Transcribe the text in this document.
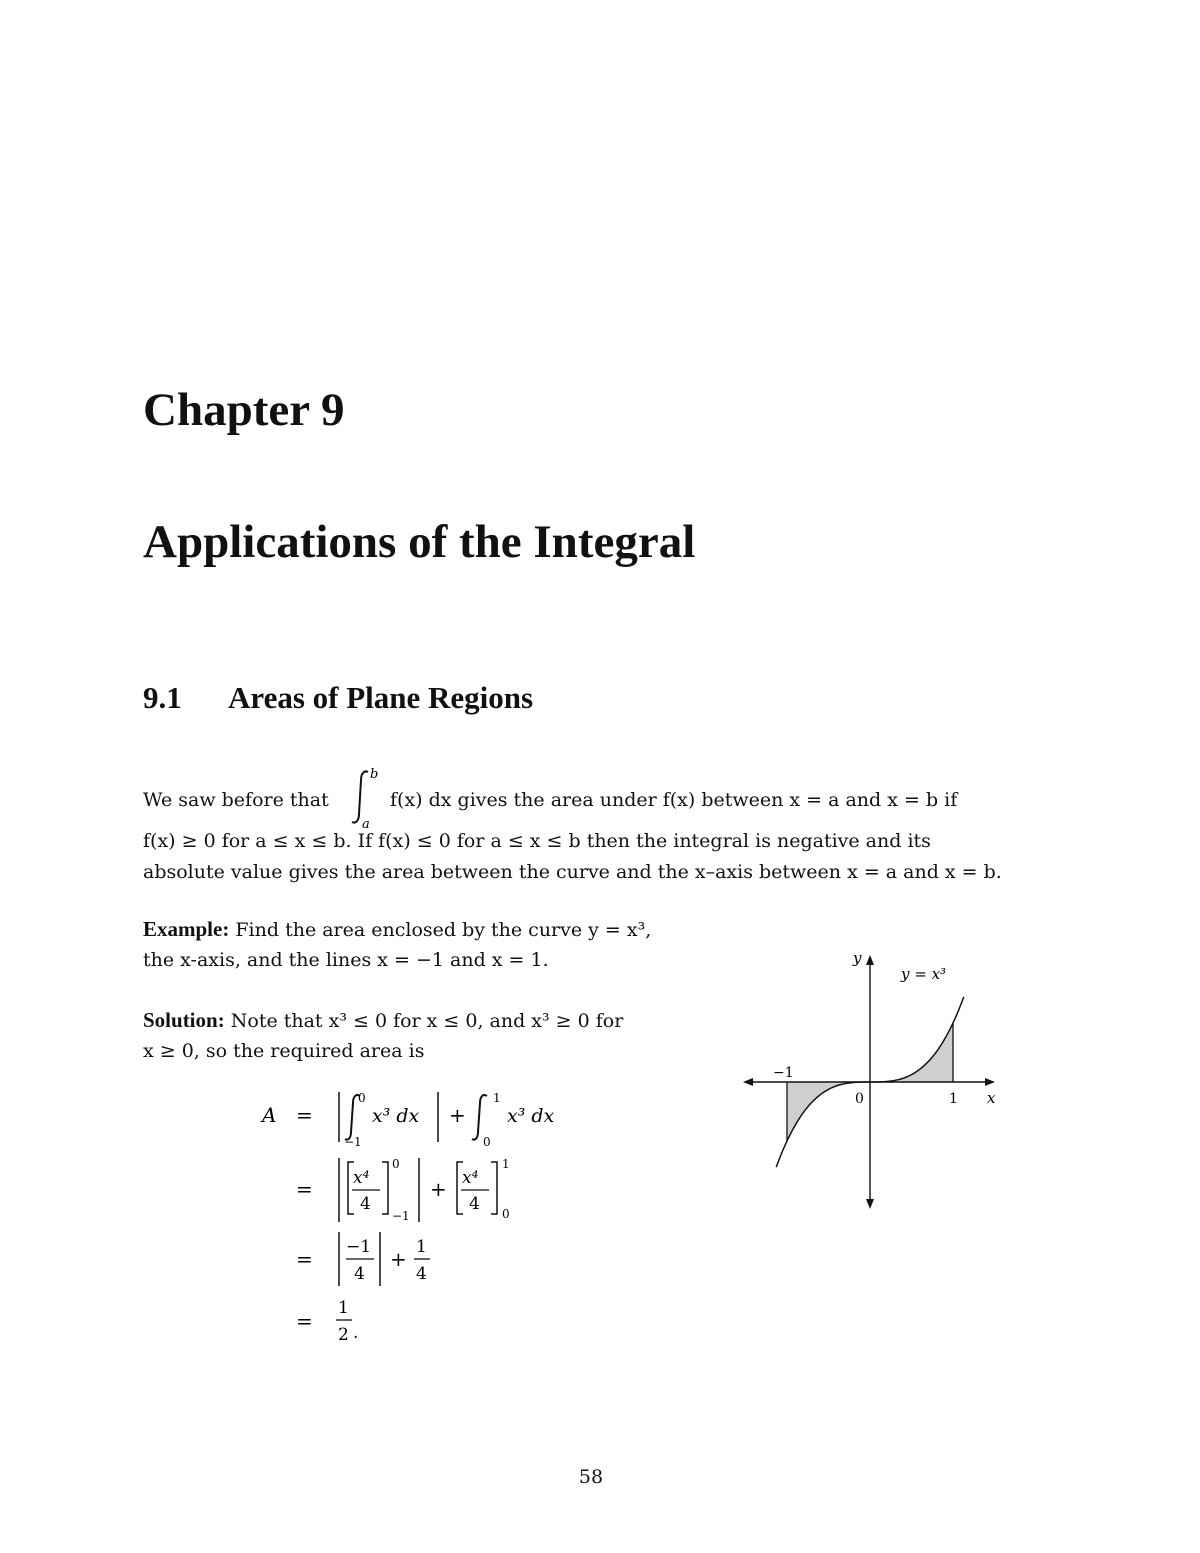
Chapter 9
Applications of the Integral
9.1 Areas of Plane Regions
We saw before that
b
a
f(x) dx gives the area under f(x) between x = a and x = b if
f(x) ≥ 0 for a ≤ x ≤ b. If f(x) ≤ 0 for a ≤ x ≤ b then the integral is negative and its
absolute value gives the area between the curve and the x–axis between x = a and x = b.
Example: Find the area enclosed by the curve y = x³,
the x-axis, and the lines x = −1 and x = 1.
Solution: Note that x³ ≤ 0 for x ≤ 0, and x³ ≥ 0 for
x ≥ 0, so the required area is
A =
0
−1
x³ dx +
1
0
x³ dx
= x⁴
4
0
−1
+ x⁴
4
1
0
= −1
4
+ 1
4
=
1
2 .
y
x
y = x³
−1
0	1
58
